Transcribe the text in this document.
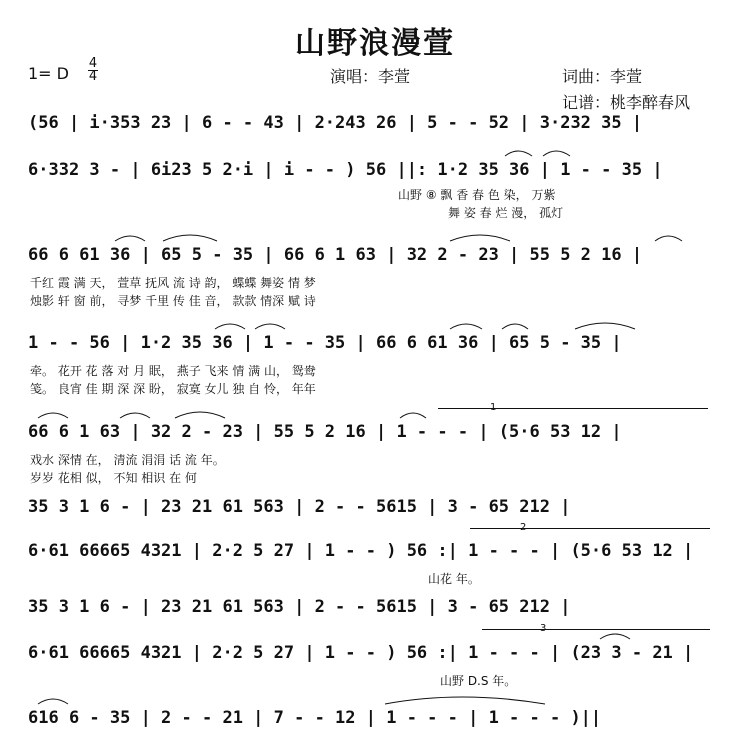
山野浪漫萱
1= D
4
4	演唱：李萱	词曲：李萱
记谱：桃李醉春风
(56 | i·353 23 | 6 - - 43 | 2·243 26 | 5 - - 52 | 3·232 35 |
6·332 3 - | 6i23 5 2·i | i - - ) 56 ||: 1·2 35 36 | 1 - - 35 |
山野 ⑧ 飘 香 春 色 染， 万紫
舞 姿 春 烂 漫， 孤灯
66 6 61 36 | 65 5 - 35 | 66 6 1 63 | 32 2 - 23 | 55 5 2 16 |
千红 霞 满 天， 萱草 抚风 流 诗 韵， 蝶蝶 舞姿 情 梦
烛影 轩 窗 前， 寻梦 千里 传 佳 音， 款款 情深 赋 诗
1 - - 56 | 1·2 35 36 | 1 - - 35 | 66 6 61 36 | 65 5 - 35 |
牵。 花开 花 落 对 月 眠， 燕子 飞来 情 满 山， 鸳鸯
笺。 良宵 佳 期 深 深 盼， 寂寞 女儿 独 自 怜， 年年
1
66 6 1 63 | 32 2 - 23 | 55 5 2 16 | 1 - - - | (5·6 53 12 |
戏水 深情 在， 清流 涓涓 话 流 年。
岁岁 花相 似， 不知 相识 在 何
35 3 1 6 - | 23 21 61 563 | 2 - - 5615 | 3 - 65 212 |
2
6·61 66665 4321 | 2·2 5 27 | 1 - - ) 56 :| 1 - - - | (5·6 53 12 |
山花 年。
35 3 1 6 - | 23 21 61 563 | 2 - - 5615 | 3 - 65 212 |
3
6·61 66665 4321 | 2·2 5 27 | 1 - - ) 56 :| 1 - - - | (23 3 - 21 |
山野 D.S 年。
616 6 - 35 | 2 - - 21 | 7 - - 12 | 1 - - - | 1 - - - )||
